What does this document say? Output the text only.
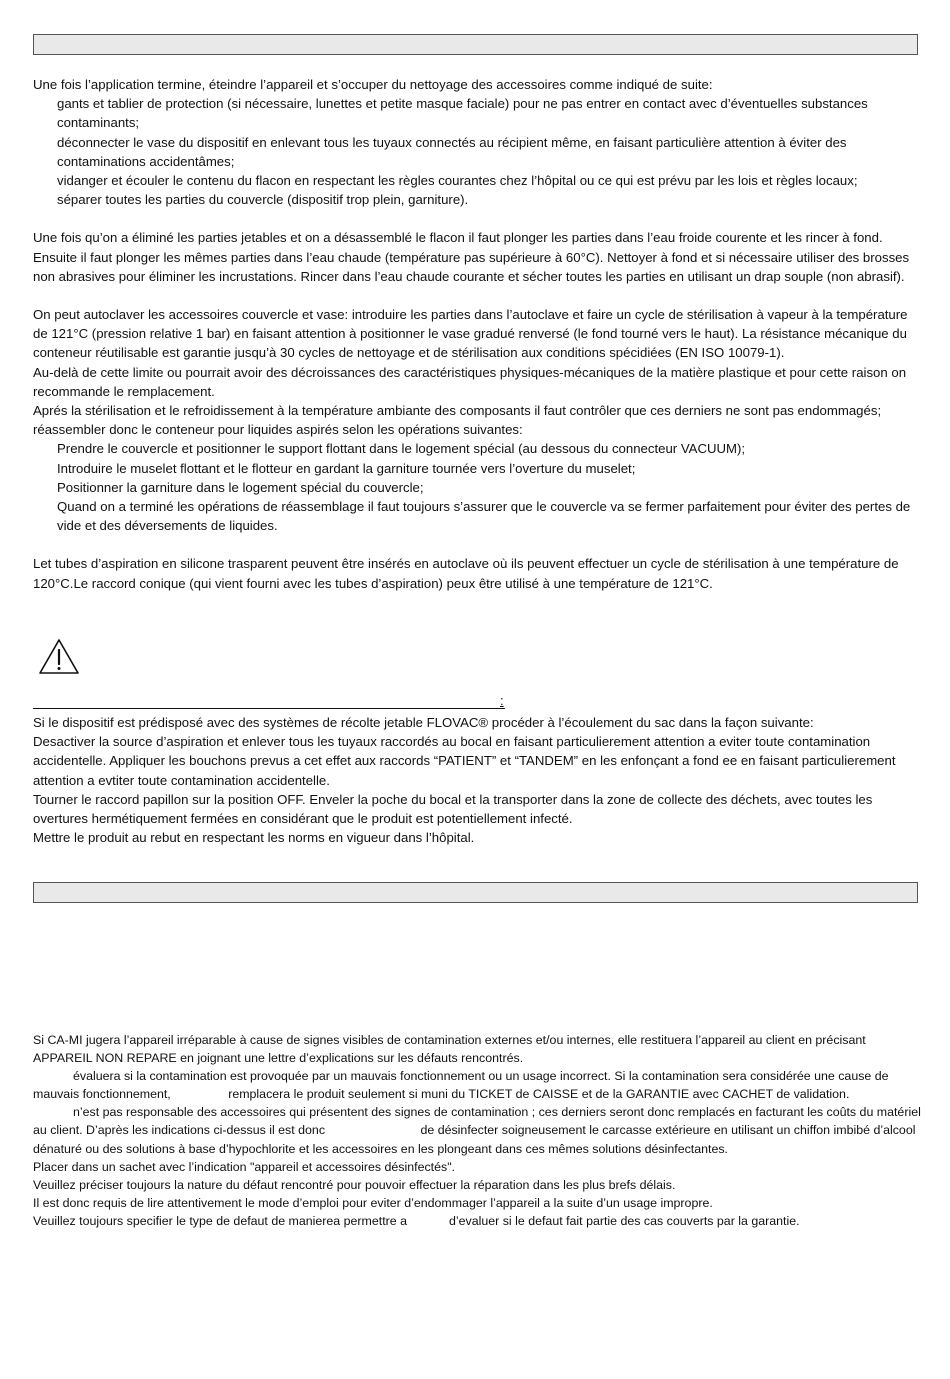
Une fois l’application termine, éteindre l’appareil et s’occuper du nettoyage des accessoires comme indiqué de suite:

gants et tablier de protection (si nécessaire, lunettes et petite masque faciale) pour ne pas entrer en contact avec d’éventuelles substances contaminants;

déconnecter le vase du dispositif en enlevant tous les tuyaux connectés au récipient même, en faisant particulière attention à éviter des contaminations accidentâmes;

vidanger et écouler le contenu du flacon en respectant les règles courantes chez l’hôpital ou ce qui est prévu par les lois et règles locaux;

séparer toutes les parties du couvercle (dispositif trop plein, garniture).

Une fois qu’on a éliminé les parties jetables et on a désassemblé le flacon il faut plonger les parties dans l’eau froide courente et les rincer à fond. Ensuite il faut plonger les mêmes parties dans l’eau chaude (température pas supérieure à 60°C). Nettoyer à fond et si nécessaire utiliser des brosses non abrasives pour éliminer les incrustations. Rincer dans l’eau chaude courante et sécher toutes les parties en utilisant un drap souple (non abrasif).

On peut autoclaver les accessoires couvercle et vase: introduire les parties dans l’autoclave et faire un cycle de stérilisation à vapeur à la température de 121°C (pression relative 1 bar) en faisant attention à positionner le vase gradué renversé (le fond tourné vers le haut). La résistance mécanique du conteneur réutilisable est garantie jusqu’à 30 cycles de nettoyage et de stérilisation aux conditions spécidiées (EN ISO 10079-1).

Au-delà de cette limite ou pourrait avoir des décroissances des caractéristiques physiques-mécaniques de la matière plastique et pour cette raison on recommande le remplacement.

Aprés la stérilisation et le refroidissement à la température ambiante des composants il faut contrôler que ces derniers ne sont pas endommagés; réassembler donc le conteneur pour liquides aspirés selon les opérations suivantes:

Prendre le couvercle et positionner le support flottant dans le logement spécial (au dessous du connecteur VACUUM);

Introduire le muselet flottant et le flotteur en gardant la garniture tournée vers l’overture du muselet;

Positionner la garniture dans le logement spécial du couvercle;

Quand on a terminé les opérations de réassemblage il faut toujours s’assurer que le couvercle va se fermer parfaitement pour éviter des pertes de vide et des déversements de liquides.

Let tubes d’aspiration en silicone trasparent peuvent être insérés en autoclave où ils peuvent effectuer un cycle de stérilisation à une température de 120°C.Le raccord conique (qui vient fourni avec les tubes d’aspiration) peux être utilisé à une température de 121°C.

:

Si le dispositif est prédisposé avec des systèmes de récolte jetable FLOVAC® procéder à l’écoulement du sac dans la façon suivante:

Desactiver la source d’aspiration et enlever tous les tuyaux raccordés au bocal en faisant particulierement attention a eviter toute contamination accidentelle. Appliquer les bouchons prevus a cet effet aux raccords “PATIENT” et “TANDEM” en les enfonçant a fond ee en faisant particulierement attention a evtiter toute contamination accidentelle.

Tourner le raccord papillon sur la position OFF. Enveler la poche du bocal et la transporter dans la zone de collecte des déchets, avec toutes les overtures hermétiquement fermées en considérant que le produit est potentiellement infecté.

Mettre le produit au rebut en respectant les norms en vigueur dans l’hôpital.

Si CA-MI jugera l’appareil irréparable à cause de signes visibles de contamination externes et/ou internes, elle restituera l’appareil au client en précisant APPAREIL NON REPARE en joignant une lettre d’explications sur les défauts rencontrés.

évaluera si la contamination est provoquée par un mauvais fonctionnement ou un usage incorrect. Si la contamination sera considérée une cause de mauvais fonctionnement,	remplacera le produit seulement si muni du TICKET de CAISSE et de la GARANTIE avec CACHET de validation.

n’est pas responsable des accessoires qui présentent des signes de contamination ; ces derniers seront donc remplacés en facturant les coûts du matériel au client. D’après les indications ci-dessus il est donc	de désinfecter soigneusement le carcasse extérieure en utilisant un chiffon imbibé d’alcool dénaturé ou des solutions à base d’hypochlorite et les accessoires en les plongeant dans ces mêmes solutions désinfectantes.

Placer dans un sachet avec l’indication "appareil et accessoires désinfectés".

Veuillez préciser toujours la nature du défaut rencontré pour pouvoir effectuer la réparation dans les plus brefs délais.

Il est donc requis de lire attentivement le mode d’emploi pour eviter d’endommager l’appareil a la suite d’un usage impropre.

Veuillez toujours specifier le type de defaut de manierea permettre a	d’evaluer si le defaut fait partie des cas couverts par la garantie.
